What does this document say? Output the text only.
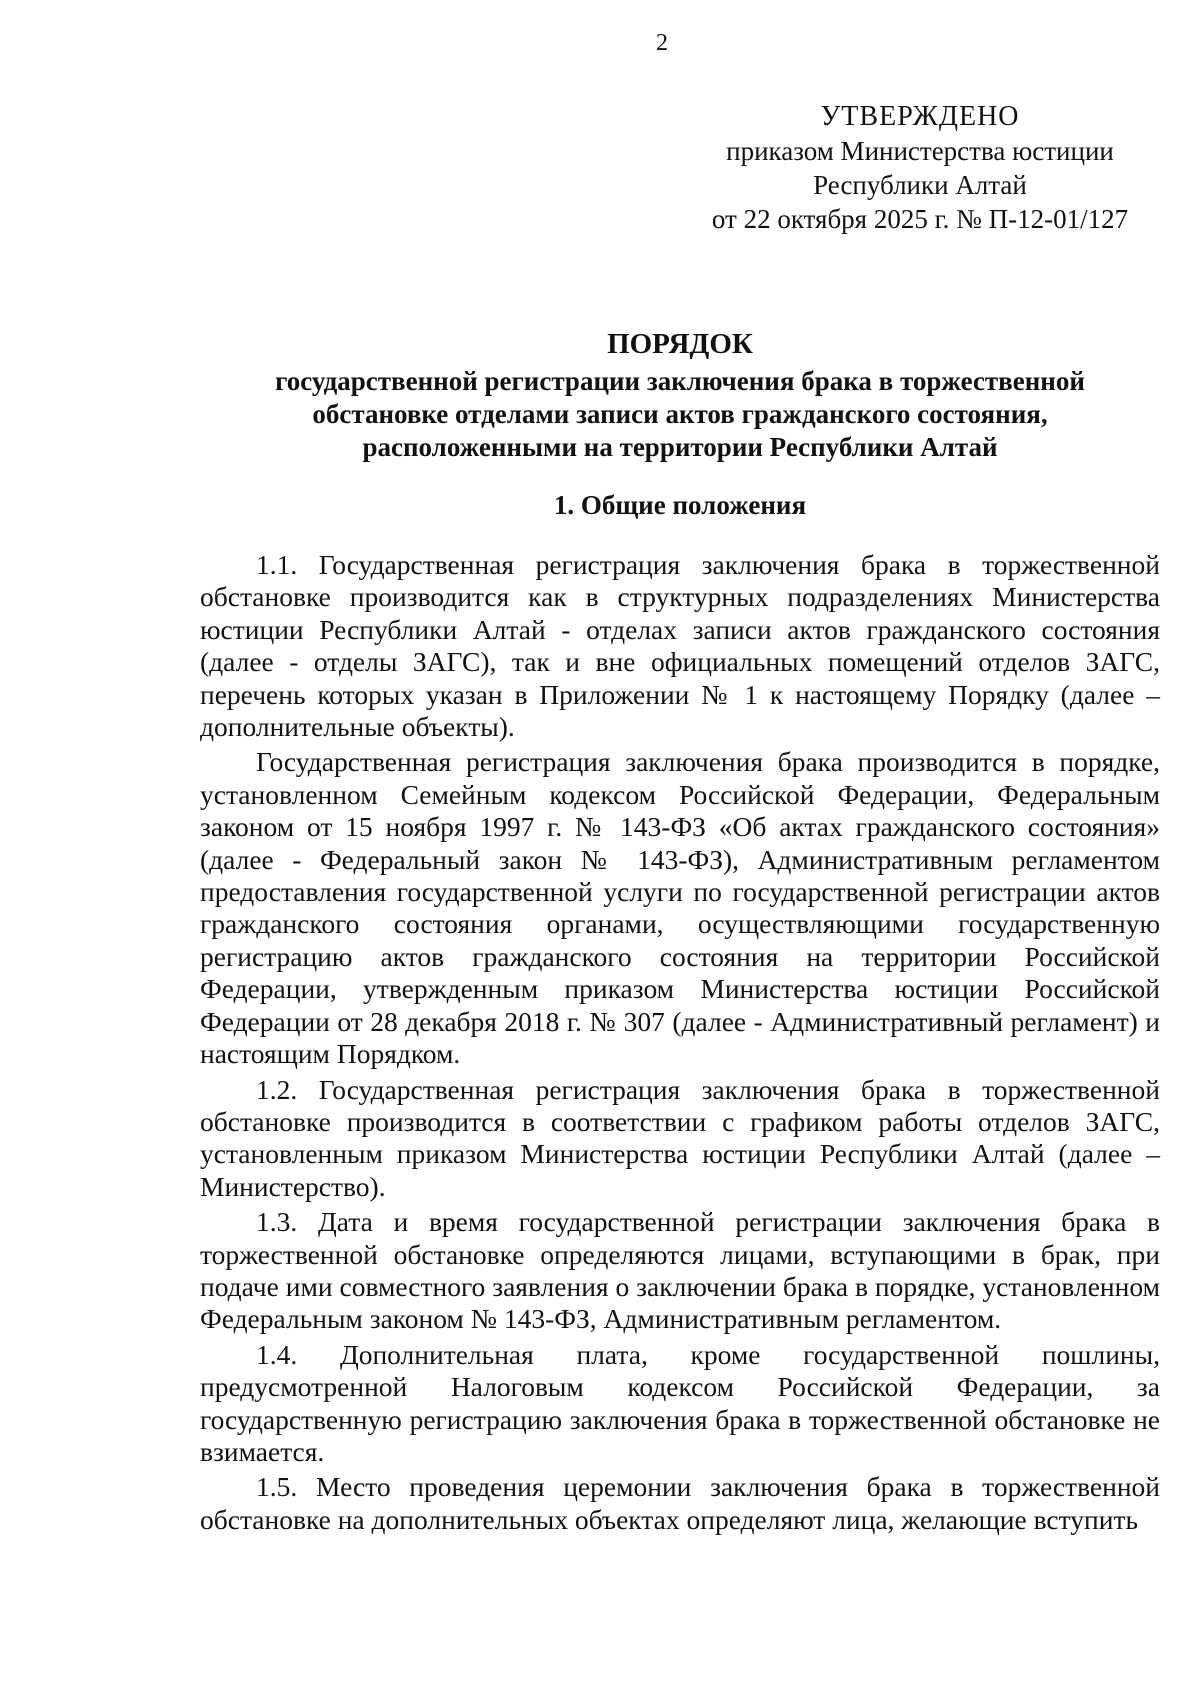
2
УТВЕРЖДЕНО
приказом Министерства юстиции
Республики Алтай
от 22 октября 2025 г. № П-12-01/127
ПОРЯДОК
государственной регистрации заключения брака в торжественной
обстановке отделами записи актов гражданского состояния,
расположенными на территории Республики Алтай
1. Общие положения

1.1. Государственная регистрация заключения брака в торжественной обстановке производится как в структурных подразделениях Министерства юстиции Республики Алтай - отделах записи актов гражданского состояния (далее - отделы ЗАГС), так и вне официальных помещений отделов ЗАГС, перечень которых указан в Приложении № 1 к настоящему Порядку (далее – дополнительные объекты).

Государственная регистрация заключения брака производится в порядке, установленном Семейным кодексом Российской Федерации, Федеральным законом от 15 ноября 1997 г. № 143-ФЗ «Об актах гражданского состояния» (далее - Федеральный закон № 143-ФЗ), Административным регламентом предоставления государственной услуги по государственной регистрации актов гражданского состояния органами, осуществляющими государственную регистрацию актов гражданского состояния на территории Российской Федерации, утвержденным приказом Министерства юстиции Российской Федерации от 28 декабря 2018 г. № 307 (далее - Административный регламент) и настоящим Порядком.

1.2. Государственная регистрация заключения брака в торжественной обстановке производится в соответствии с графиком работы отделов ЗАГС, установленным приказом Министерства юстиции Республики Алтай (далее – Министерство).

1.3. Дата и время государственной регистрации заключения брака в торжественной обстановке определяются лицами, вступающими в брак, при подаче ими совместного заявления о заключении брака в порядке, установленном Федеральным законом № 143-ФЗ, Административным регламентом.

1.4. Дополнительная плата, кроме государственной пошлины, предусмотренной Налоговым кодексом Российской Федерации, за государственную регистрацию заключения брака в торжественной обстановке не взимается.

1.5. Место проведения церемонии заключения брака в торжественной обстановке на дополнительных объектах определяют лица, желающие вступить
